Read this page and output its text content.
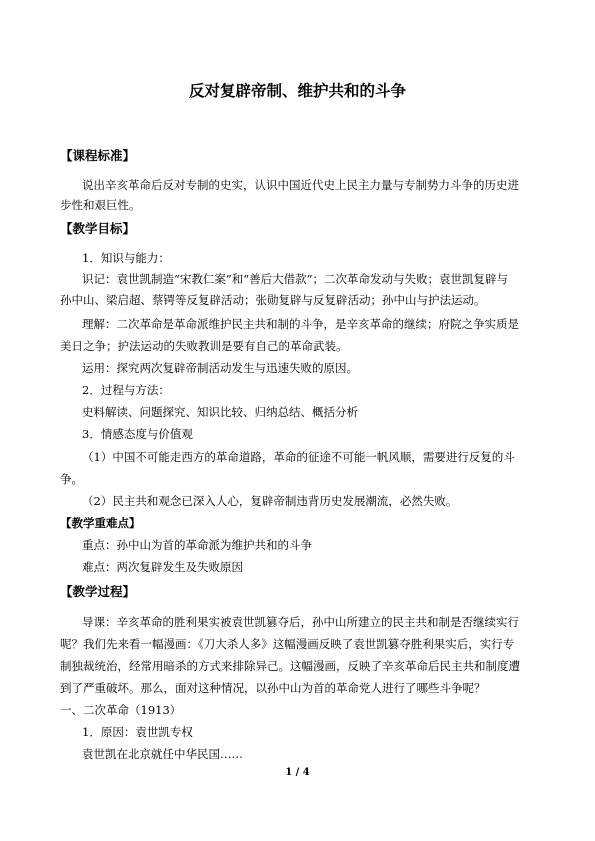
反对复辟帝制、维护共和的斗争
【课程标准】
说出辛亥革命后反对专制的史实，认识中国近代史上民主力量与专制势力斗争的历史进
步性和艰巨性。
【教学目标】
1．知识与能力：
识记：袁世凯制造“宋教仁案”和“善后大借款”；二次革命发动与失败；袁世凯复辟与
孙中山、梁启超、蔡锷等反复辟活动；张勋复辟与反复辟活动；孙中山与护法运动。
理解：二次革命是革命派维护民主共和制的斗争，是辛亥革命的继续；府院之争实质是
美日之争；护法运动的失败教训是要有自己的革命武装。
运用：探究两次复辟帝制活动发生与迅速失败的原因。
2．过程与方法：
史料解读、问题探究、知识比较、归纳总结、概括分析
3．情感态度与价值观
（1）中国不可能走西方的革命道路，革命的征途不可能一帆风顺，需要进行反复的斗
争。
（2）民主共和观念已深入人心，复辟帝制违背历史发展潮流，必然失败。
【教学重难点】
重点：孙中山为首的革命派为维护共和的斗争
难点：两次复辟发生及失败原因
【教学过程】
导课：辛亥革命的胜利果实被袁世凯篡夺后，孙中山所建立的民主共和制是否继续实行
呢？我们先来看一幅漫画：《刀大杀人多》这幅漫画反映了袁世凯篡夺胜利果实后，实行专
制独裁统治，经常用暗杀的方式来排除异己。这幅漫画，反映了辛亥革命后民主共和制度遭
到了严重破坏。那么，面对这种情况，以孙中山为首的革命党人进行了哪些斗争呢？
一、二次革命（1913）
1．原因：袁世凯专权
袁世凯在北京就任中华民国……
1 / 4
